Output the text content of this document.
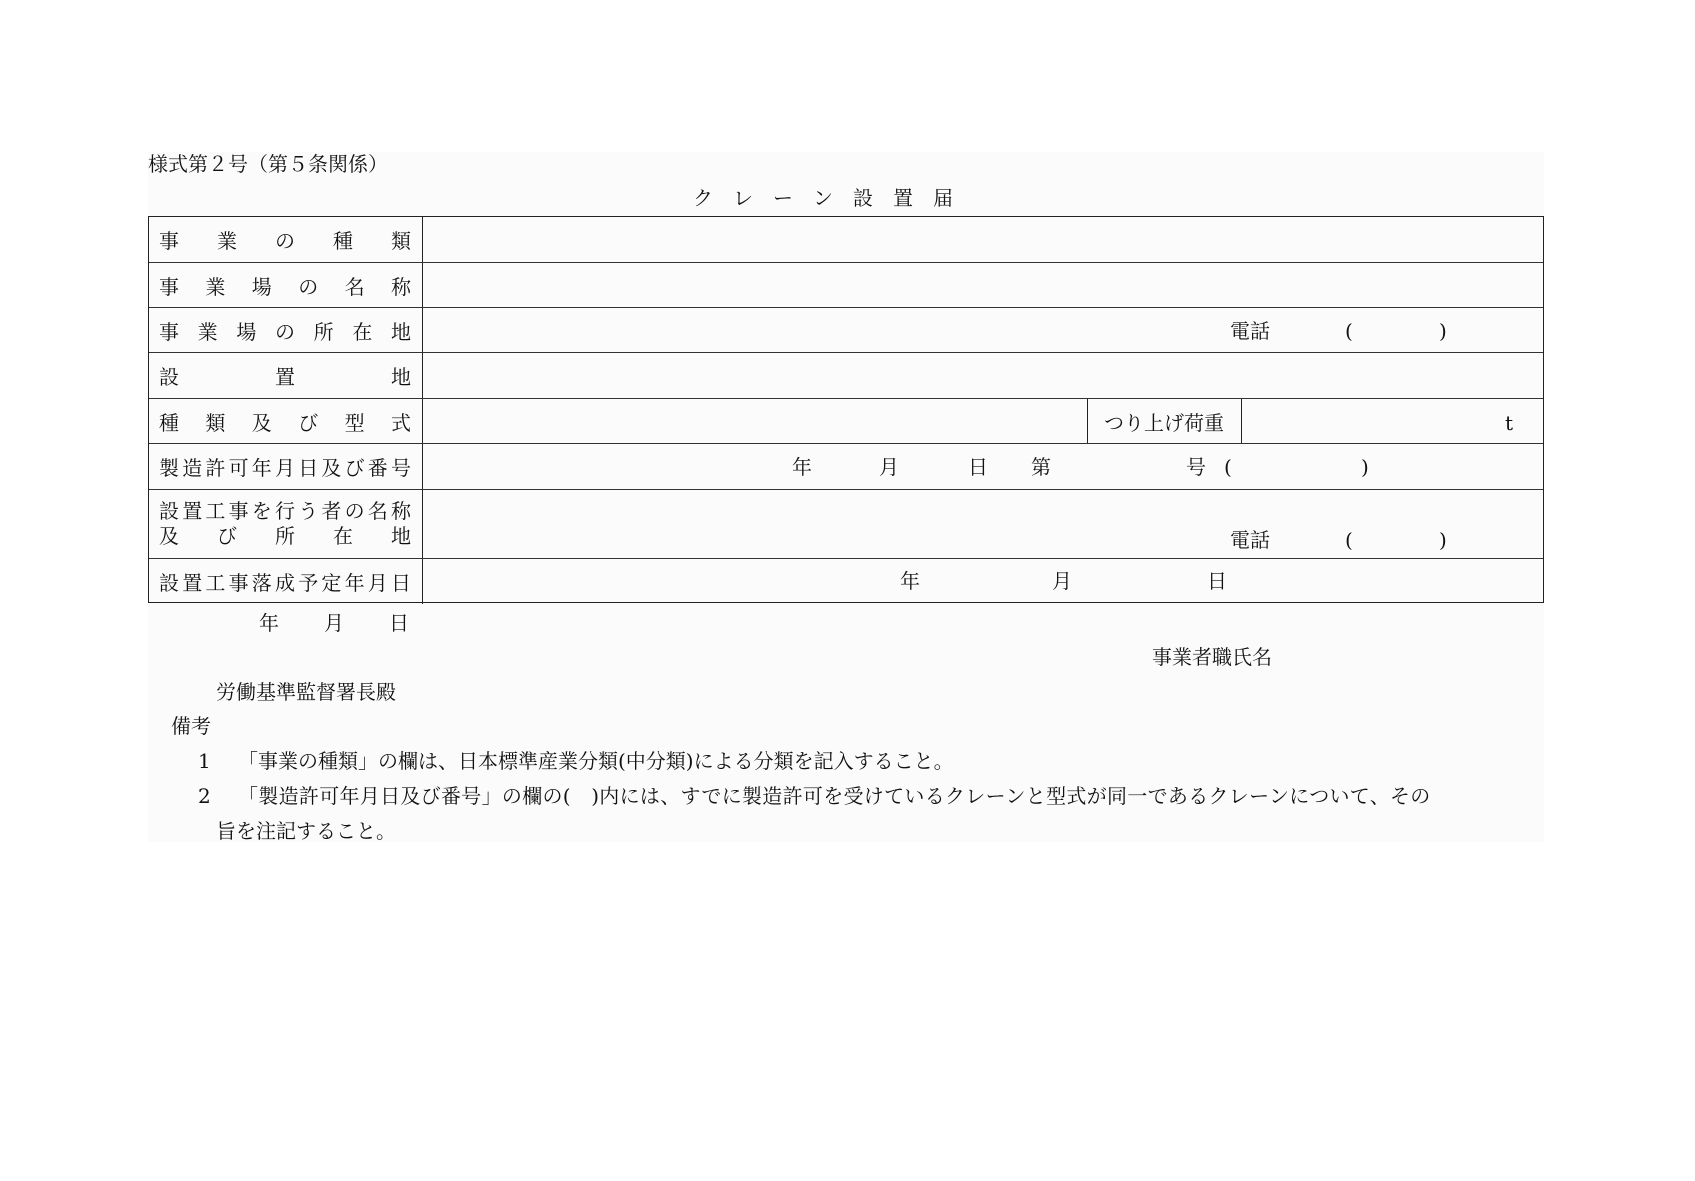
様式第２号（第５条関係）
ク　レ　ー　ン　設　置　届
事業の種類
事業場の名称
事業場の所在地	電話	(	)
設置地
種類及び型式	つり上げ荷重	t
製造許可年月日及び番号	年	月	日 第	号 (	)
設置工事を行う者の名称
及び所在地	電話	(	)
設置工事落成予定年月日	年	月	日
年 月 日
事業者職氏名
労働基準監督署長殿
備考
1 「事業の種類」の欄は、日本標準産業分類(中分類)による分類を記入すること。
2 「製造許可年月日及び番号」の欄の(　)内には、すでに製造許可を受けているクレーンと型式が同一であるクレーンについて、その
旨を注記すること。
